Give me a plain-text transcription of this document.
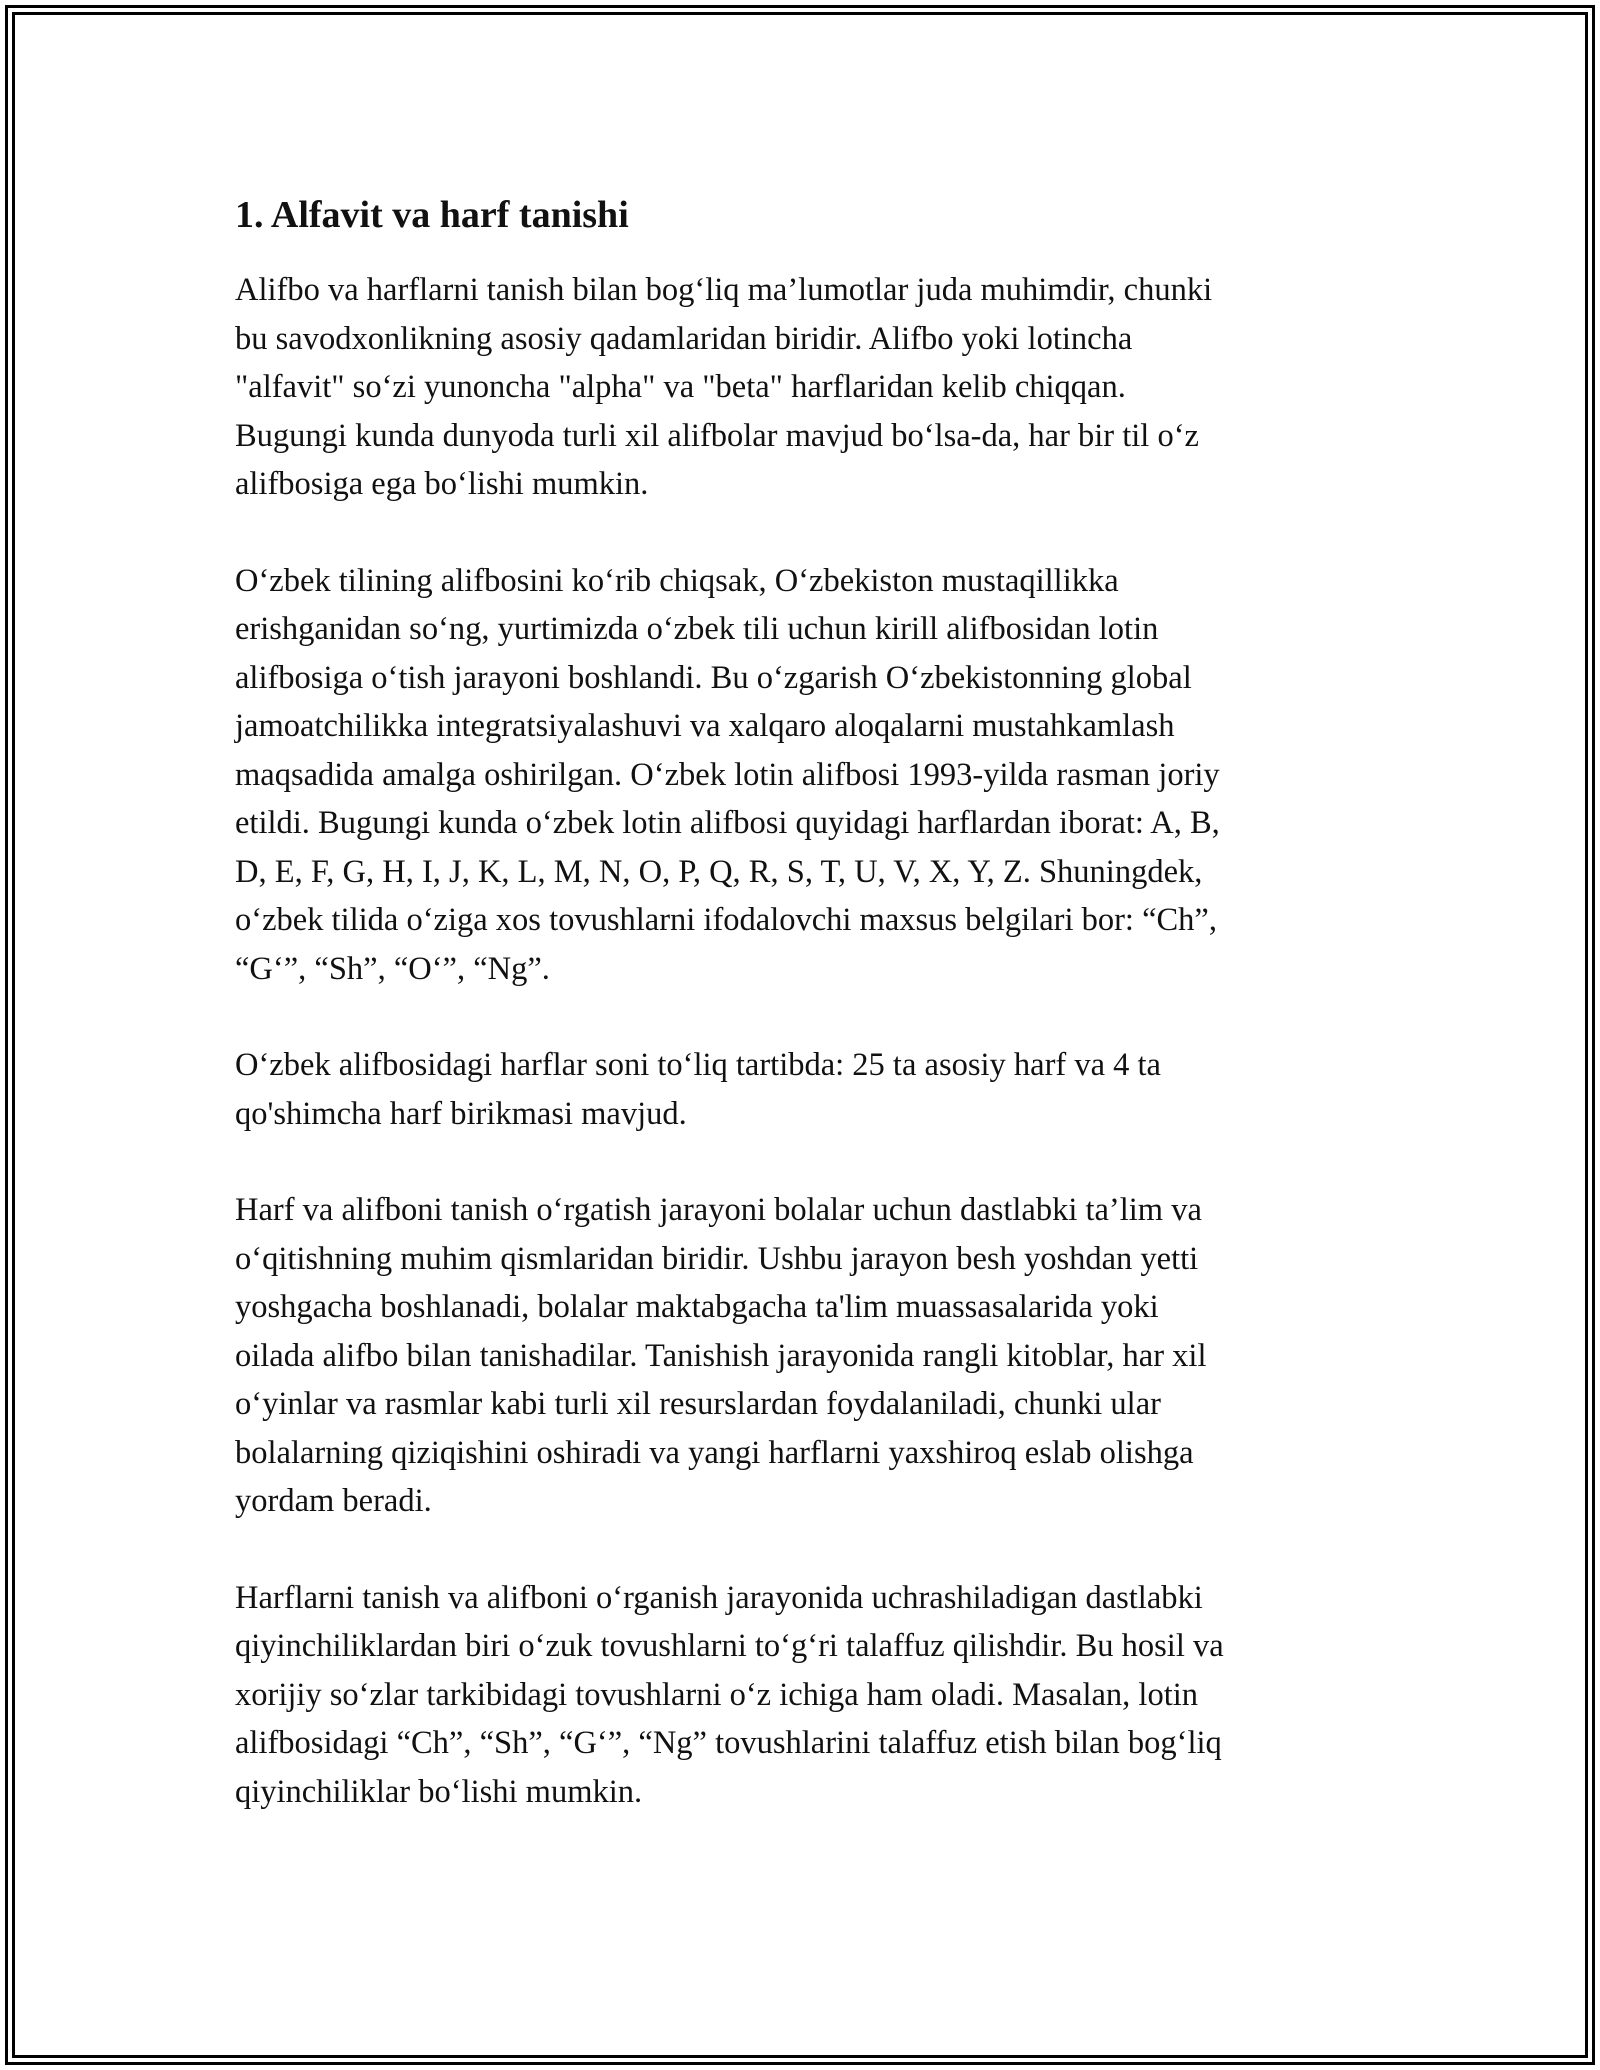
1. Alfavit va harf tanishi

Alifbo va harflarni tanish bilan bog‘liq ma’lumotlar juda muhimdir, chunki
bu savodxonlikning asosiy qadamlaridan biridir. Alifbo yoki lotincha
"alfavit" so‘zi yunoncha "alpha" va "beta" harflaridan kelib chiqqan.
Bugungi kunda dunyoda turli xil alifbolar mavjud bo‘lsa-da, har bir til o‘z
alifbosiga ega bo‘lishi mumkin.

O‘zbek tilining alifbosini ko‘rib chiqsak, O‘zbekiston mustaqillikka
erishganidan so‘ng, yurtimizda o‘zbek tili uchun kirill alifbosidan lotin
alifbosiga o‘tish jarayoni boshlandi. Bu o‘zgarish O‘zbekistonning global
jamoatchilikka integratsiyalashuvi va xalqaro aloqalarni mustahkamlash
maqsadida amalga oshirilgan. O‘zbek lotin alifbosi 1993-yilda rasman joriy
etildi. Bugungi kunda o‘zbek lotin alifbosi quyidagi harflardan iborat: A, B,
D, E, F, G, H, I, J, K, L, M, N, O, P, Q, R, S, T, U, V, X, Y, Z. Shuningdek,
o‘zbek tilida o‘ziga xos tovushlarni ifodalovchi maxsus belgilari bor: “Ch”,
“G‘”, “Sh”, “O‘”, “Ng”.

O‘zbek alifbosidagi harflar soni to‘liq tartibda: 25 ta asosiy harf va 4 ta
qo'shimcha harf birikmasi mavjud.

Harf va alifboni tanish o‘rgatish jarayoni bolalar uchun dastlabki ta’lim va
o‘qitishning muhim qismlaridan biridir. Ushbu jarayon besh yoshdan yetti
yoshgacha boshlanadi, bolalar maktabgacha ta'lim muassasalarida yoki
oilada alifbo bilan tanishadilar. Tanishish jarayonida rangli kitoblar, har xil
o‘yinlar va rasmlar kabi turli xil resurslardan foydalaniladi, chunki ular
bolalarning qiziqishini oshiradi va yangi harflarni yaxshiroq eslab olishga
yordam beradi.

Harflarni tanish va alifboni o‘rganish jarayonida uchrashiladigan dastlabki
qiyinchiliklardan biri o‘zuk tovushlarni to‘g‘ri talaffuz qilishdir. Bu hosil va
xorijiy so‘zlar tarkibidagi tovushlarni o‘z ichiga ham oladi. Masalan, lotin
alifbosidagi “Ch”, “Sh”, “G‘”, “Ng” tovushlarini talaffuz etish bilan bog‘liq
qiyinchiliklar bo‘lishi mumkin.
